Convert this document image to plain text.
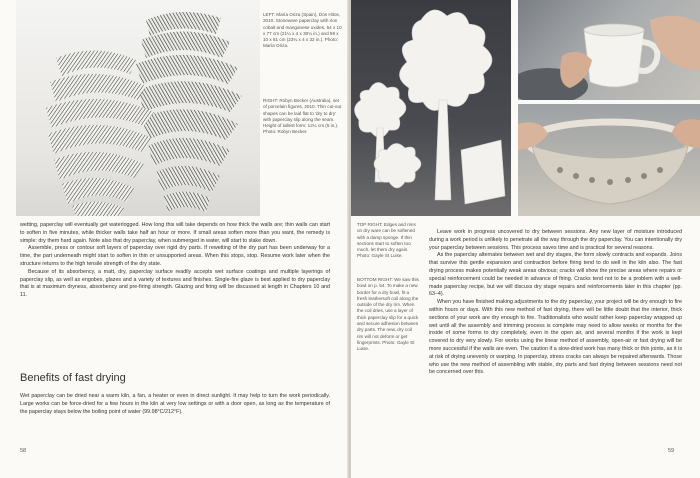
LEFT: María Oriza (Spain), Dos Hitos, 2010. Stoneware paperclay with iron cobalt and manganese oxides, 54 x 10 x 77 cm (21¼ x 4 x 30¼ in.) and 59 x 10 x 81 cm (23¼ x 4 x 32 in.). Photo: María Oriza.

RIGHT: Robyn Becker (Australia), set of porcelain figures, 2010. Thin cut-out shapes can be laid flat to 'dry to dry' with paperclay slip along the seam. Height of tallest form: 12¼ cm (5 in.). Photo: Robyn Becker.

wetting, paperclay will eventually get waterlogged. How long this will take depends on how thick the walls are; thin walls can start to soften in five minutes, while thicker walls take half an hour or more. If small areas soften more than you want, the remedy is simple: dry them hard again. Note also that dry paperclay, when submerged in water, will start to slake down.

Assemble, press or contour soft layers of paperclay over rigid dry parts. If rewetting of the dry part has been underway for a time, the part underneath might start to soften in thin or unsupported areas. When this stops, stop. Resume work later when the structure returns to the high tensile strength of the dry state.

Because of its absorbency, a matt, dry, paperclay surface readily accepts wet surface coatings and multiple layerings of paperclay slip, as well as engobes, glazes and a variety of textures and finishes. Single-fire glaze is best applied to dry paperclay that is at maximum dryness, absorbency and pre-firing strength. Glazing and firing will be discussed at length in Chapters 10 and 11.

Benefits of fast drying

Wet paperclay can be dried near a warm kiln, a fan, a heater or even in direct sunlight. It may help to turn the work periodically. Large works can be force-dried for a few hours in the kiln at very low settings or with a door open, as long as the temperature of the paperclay stays below the boiling point of water (99.98°C/212°F).

58

TOP RIGHT: Edges and rims on dry ware can be softened with a damp sponge. If thin sections start to soften too much, let them dry again. Photo: Gayle St Luise.

BOTTOM RIGHT: We saw this bowl on p. 54. To make a new border for a dry bowl, fit a fresh leathersoft coil along the outside of the dry rim. When the coil dries, use a layer of thick paperclay slip for a quick and secure adhesion between dry parts. The new, dry coil rim will not deform or get fingerprints. Photo: Gayle St Luise.

Leave work in progress uncovered to dry between sessions. Any new layer of moisture introduced during a work period is unlikely to penetrate all the way through the dry paperclay. You can intentionally dry your paperclay between sessions. This process saves time and is practical for several reasons.

As the paperclay alternates between wet and dry stages, the form slowly contracts and expands. Joins that survive this gentle expansion and contraction before firing tend to do well in the kiln also. The fast drying process makes potentially weak areas obvious; cracks will show the precise areas where repairs or special reinforcement could be needed in advance of firing. Cracks tend not to be a problem with a well-made paperclay recipe, but we will discuss dry stage repairs and reinforcements later in this chapter (pp. 63–4).

When you have finished making adjustments to the dry paperclay, your project will be dry enough to fire within hours or days. With this new method of fast drying, there will be little doubt that the interior, thick sections of your work are dry enough to fire. Traditionalists who would rather keep paperclay wrapped up wet until all the assembly and trimming process is complete may need to allow weeks or months for the inside of some forms to dry completely, even in the open air, and several months if the work is kept covered to dry very slowly. For works using the linear method of assembly, open-air or fast drying will be more successful if the walls are even. The caution if a slow-dried work has many thick or thin joints, as it is at risk of drying unevenly or warping. In paperclay, stress cracks can always be repaired afterwards. Those who use the new method of assembling with stable, dry parts and fast drying between sessions need not be concerned over this.

59
